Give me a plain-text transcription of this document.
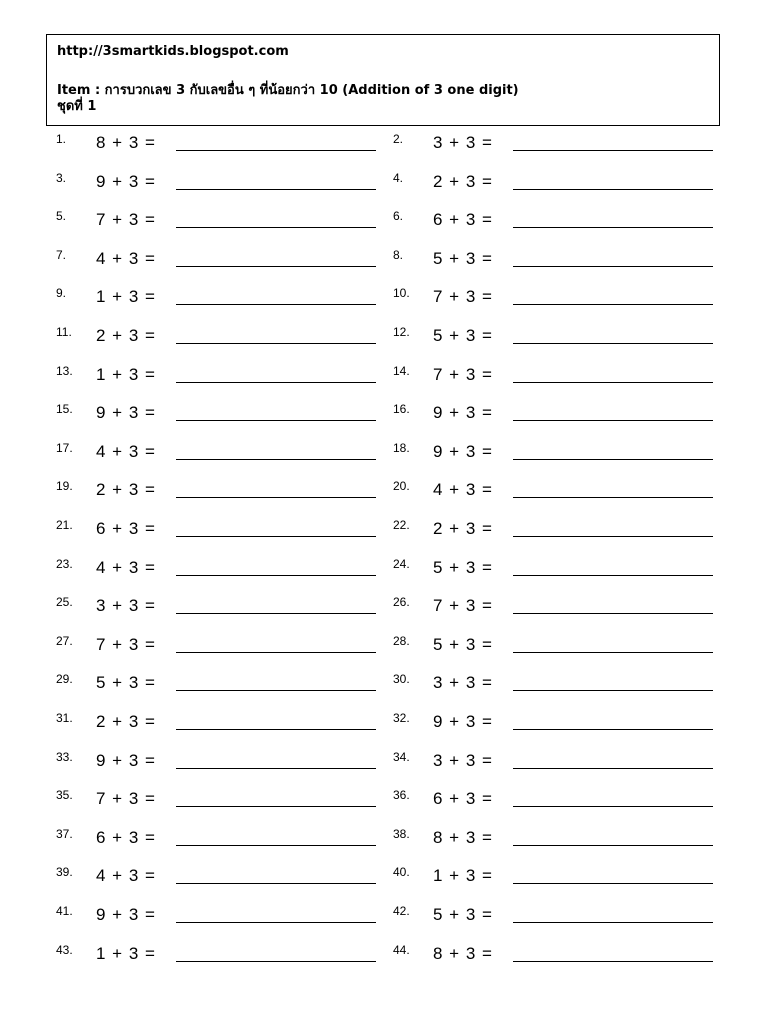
http://3smartkids.blogspot.com
Item : การบวกเลข 3 กับเลขอื่น ๆ ที่น้อยกว่า 10 (Addition of 3 one digit)
ชุดที่ 1
1. 8 + 3 =	2. 3 + 3 =
3. 9 + 3 =	4. 2 + 3 =
5. 7 + 3 =	6. 6 + 3 =
7. 4 + 3 =	8. 5 + 3 =
9. 1 + 3 =	10. 7 + 3 =
11. 2 + 3 =	12. 5 + 3 =
13. 1 + 3 =	14. 7 + 3 =
15. 9 + 3 =	16. 9 + 3 =
17. 4 + 3 =	18. 9 + 3 =
19. 2 + 3 =	20. 4 + 3 =
21. 6 + 3 =	22. 2 + 3 =
23. 4 + 3 =	24. 5 + 3 =
25. 3 + 3 =	26. 7 + 3 =
27. 7 + 3 =	28. 5 + 3 =
29. 5 + 3 =	30. 3 + 3 =
31. 2 + 3 =	32. 9 + 3 =
33. 9 + 3 =	34. 3 + 3 =
35. 7 + 3 =	36. 6 + 3 =
37. 6 + 3 =	38. 8 + 3 =
39. 4 + 3 =	40. 1 + 3 =
41. 9 + 3 =	42. 5 + 3 =
43. 1 + 3 =	44. 8 + 3 =
